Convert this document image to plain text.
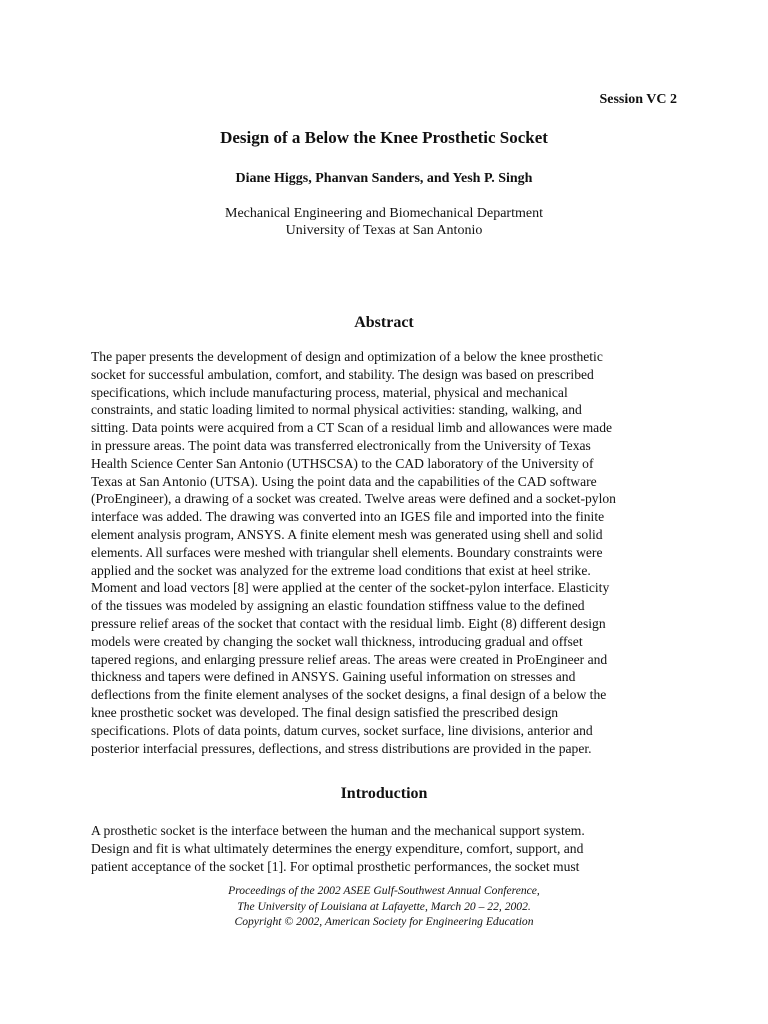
Session VC 2
Design of a Below the Knee Prosthetic Socket
Diane Higgs, Phanvan Sanders, and Yesh P. Singh
Mechanical Engineering and Biomechanical Department
University of Texas at San Antonio
Abstract
The paper presents the development of design and optimization of a below the knee prosthetic
socket for successful ambulation, comfort, and stability. The design was based on prescribed
specifications, which include manufacturing process, material, physical and mechanical
constraints, and static loading limited to normal physical activities: standing, walking, and
sitting. Data points were acquired from a CT Scan of a residual limb and allowances were made
in pressure areas. The point data was transferred electronically from the University of Texas
Health Science Center San Antonio (UTHSCSA) to the CAD laboratory of the University of
Texas at San Antonio (UTSA). Using the point data and the capabilities of the CAD software
(ProEngineer), a drawing of a socket was created. Twelve areas were defined and a socket-pylon
interface was added. The drawing was converted into an IGES file and imported into the finite
element analysis program, ANSYS. A finite element mesh was generated using shell and solid
elements. All surfaces were meshed with triangular shell elements. Boundary constraints were
applied and the socket was analyzed for the extreme load conditions that exist at heel strike.
Moment and load vectors [8] were applied at the center of the socket-pylon interface. Elasticity
of the tissues was modeled by assigning an elastic foundation stiffness value to the defined
pressure relief areas of the socket that contact with the residual limb. Eight (8) different design
models were created by changing the socket wall thickness, introducing gradual and offset
tapered regions, and enlarging pressure relief areas. The areas were created in ProEngineer and
thickness and tapers were defined in ANSYS. Gaining useful information on stresses and
deflections from the finite element analyses of the socket designs, a final design of a below the
knee prosthetic socket was developed. The final design satisfied the prescribed design
specifications. Plots of data points, datum curves, socket surface, line divisions, anterior and
posterior interfacial pressures, deflections, and stress distributions are provided in the paper.
Introduction
A prosthetic socket is the interface between the human and the mechanical support system.
Design and fit is what ultimately determines the energy expenditure, comfort, support, and
patient acceptance of the socket [1]. For optimal prosthetic performances, the socket must
Proceedings of the 2002 ASEE Gulf-Southwest Annual Conference,
The University of Louisiana at Lafayette, March 20 – 22, 2002.
Copyright © 2002, American Society for Engineering Education
